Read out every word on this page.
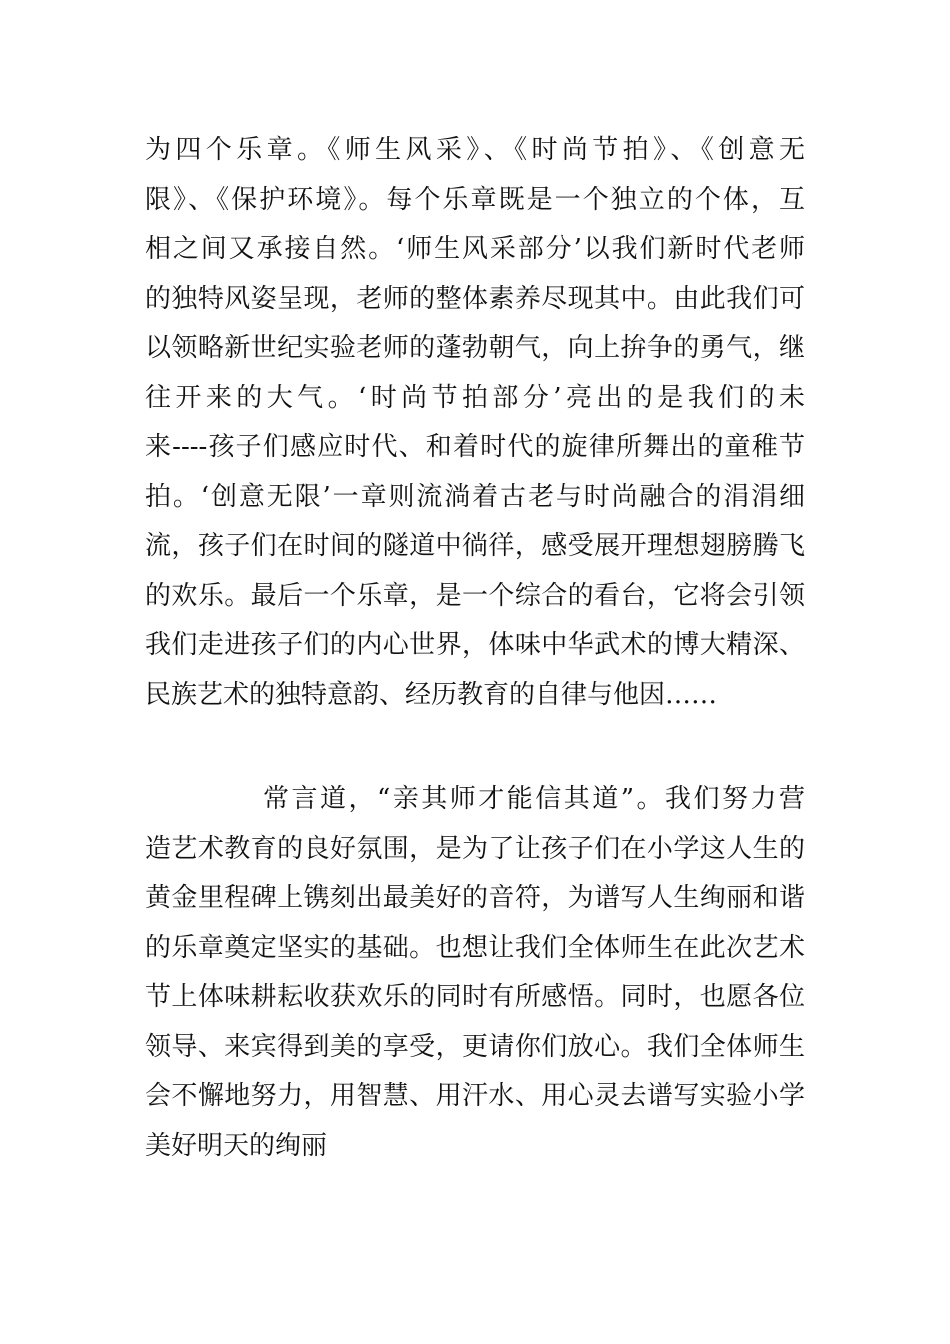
为四个乐章。《师生风采》、《时尚节拍》、《创意无
限》、《保护环境》。每个乐章既是一个独立的个体，互
相之间又承接自然。‘师生风采部分’以我们新时代老师
的独特风姿呈现，老师的整体素养尽现其中。由此我们可
以领略新世纪实验老师的蓬勃朝气，向上拚争的勇气，继
往开来的大气。‘时尚节拍部分’亮出的是我们的未
来----孩子们感应时代、和着时代的旋律所舞出的童稚节
拍。‘创意无限’一章则流淌着古老与时尚融合的涓涓细
流，孩子们在时间的隧道中徜徉，感受展开理想翅膀腾飞
的欢乐。最后一个乐章，是一个综合的看台，它将会引领
我们走进孩子们的内心世界，体味中华武术的博大精深、
民族艺术的独特意韵、经历教育的自律与他因……
常言道，“亲其师才能信其道”。我们努力营
造艺术教育的良好氛围，是为了让孩子们在小学这人生的
黄金里程碑上镌刻出最美好的音符，为谱写人生绚丽和谐
的乐章奠定坚实的基础。也想让我们全体师生在此次艺术
节上体味耕耘收获欢乐的同时有所感悟。同时，也愿各位
领导、来宾得到美的享受，更请你们放心。我们全体师生
会不懈地努力，用智慧、用汗水、用心灵去谱写实验小学
美好明天的绚丽
